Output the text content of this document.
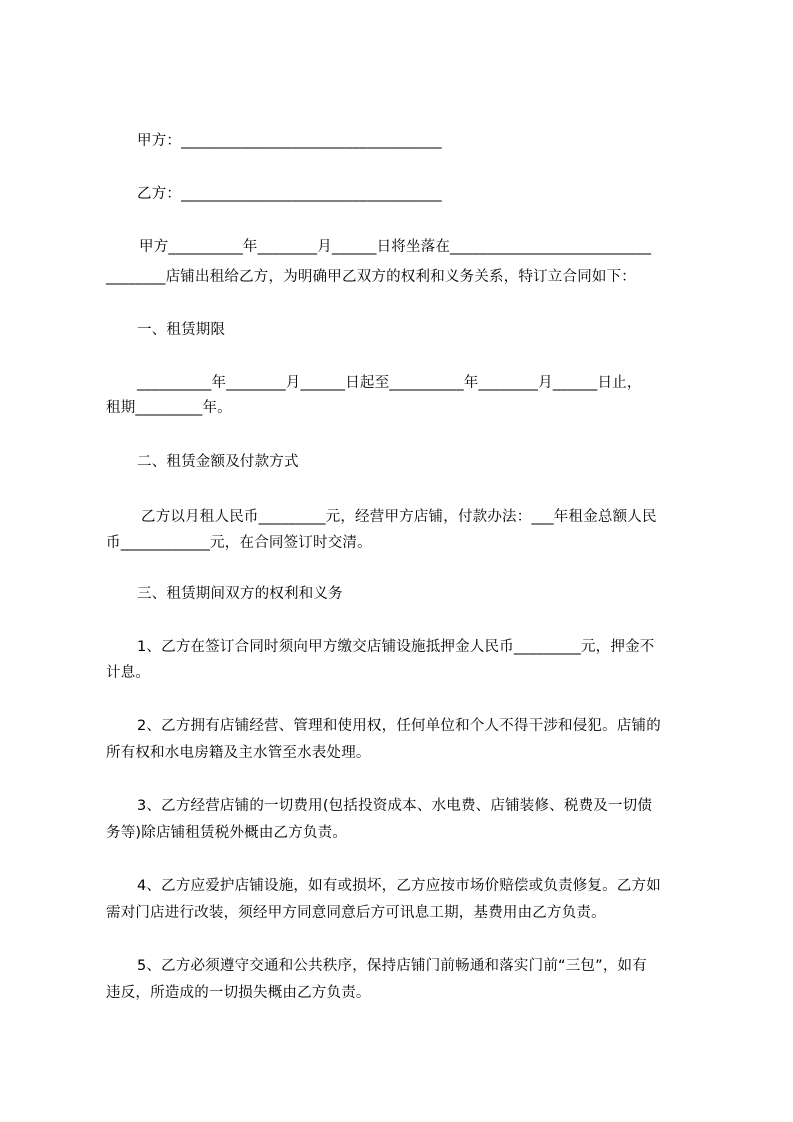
甲方：___________________________________
乙方：___________________________________
甲方__________年________月______日将坐落在___________________________
________店铺出租给乙方，为明确甲乙双方的权利和义务关系，特订立合同如下：
一、租赁期限
__________年________月______日起至__________年________月______日止，
租期_________年。
二、租赁金额及付款方式
乙方以月租人民币_________元，经营甲方店铺，付款办法：___年租金总额人民
币____________元，在合同签订时交清。
三、租赁期间双方的权利和义务
1、乙方在签订合同时须向甲方缴交店铺设施抵押金人民币_________元，押金不
计息。
2、乙方拥有店铺经营、管理和使用权，任何单位和个人不得干涉和侵犯。店铺的
所有权和水电房籍及主水管至水表处理。
3、乙方经营店铺的一切费用(包括投资成本、水电费、店铺装修、税费及一切债
务等)除店铺租赁税外概由乙方负责。
4、乙方应爱护店铺设施，如有或损坏，乙方应按市场价赔偿或负责修复。乙方如
需对门店进行改装，须经甲方同意同意后方可讯息工期，基费用由乙方负责。
5、乙方必须遵守交通和公共秩序，保持店铺门前畅通和落实门前“三包”，如有
违反，所造成的一切损失概由乙方负责。
